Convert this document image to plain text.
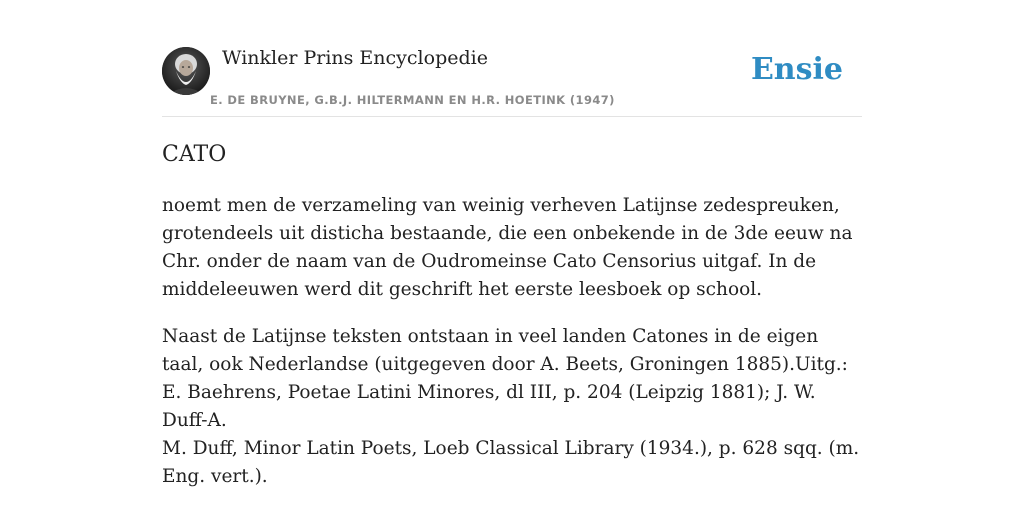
Winkler Prins Encyclopedie
E. DE BRUYNE, G.B.J. HILTERMANN EN H.R. HOETINK (1947)
Ensie
CATO

noemt men de verzameling van weinig verheven Latijnse zedespreuken, grotendeels uit disticha bestaande, die een onbekende in de 3de eeuw na Chr. onder de naam van de Oudromeinse Cato Censorius uitgaf. In de middeleeuwen werd dit geschrift het eerste leesboek op school.

Naast de Latijnse teksten ontstaan in veel landen Catones in de eigen taal, ook Nederlandse (uitgegeven door A. Beets, Groningen 1885).Uitg.: E. Baehrens, Poetae Latini Minores, dl III, p. 204 (Leipzig 1881); J. W. Duff-A.

M. Duff, Minor Latin Poets, Loeb Classical Library (1934.), p. 628 sqq. (m. Eng. vert.).
